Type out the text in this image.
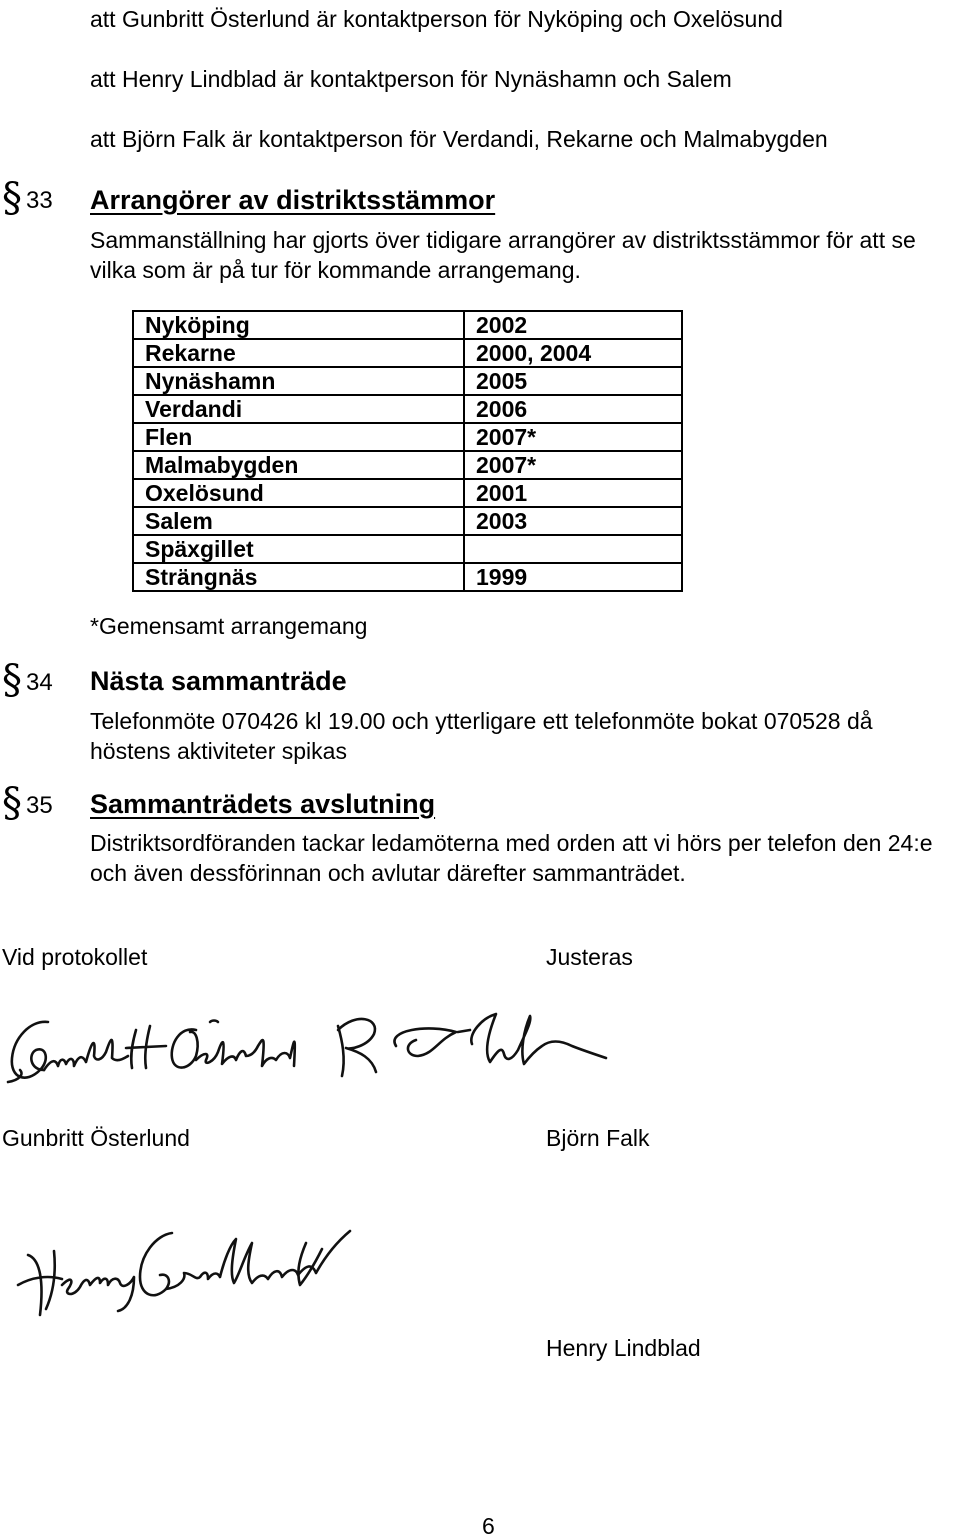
att Gunbritt Österlund är kontaktperson för Nyköping och Oxelösund
att Henry Lindblad är kontaktperson för Nynäshamn och Salem
att Björn Falk är kontaktperson för Verdandi, Rekarne och Malmabygden
§ 33 Arrangörer av distriktsstämmor
Sammanställning har gjorts över tidigare arrangörer av distriktsstämmor för att se vilka som är på tur för kommande arrangemang.
Nyköping	2002
Rekarne	2000, 2004
Nynäshamn	2005
Verdandi	2006
Flen	2007*
Malmabygden	2007*
Oxelösund	2001
Salem	2003
Späxgillet	
Strängnäs	1999
*Gemensamt arrangemang
§ 34 Nästa sammanträde
Telefonmöte 070426 kl 19.00 och ytterligare ett telefonmöte bokat 070528 då höstens aktiviteter spikas
§ 35 Sammanträdets avslutning
Distriktsordföranden tackar ledamöterna med orden att vi hörs per telefon den 24:e och även dessförinnan och avlutar därefter sammanträdet.
Vid protokollet	Justeras
Gunbritt Österlund	Björn Falk
Henry Lindblad
6
